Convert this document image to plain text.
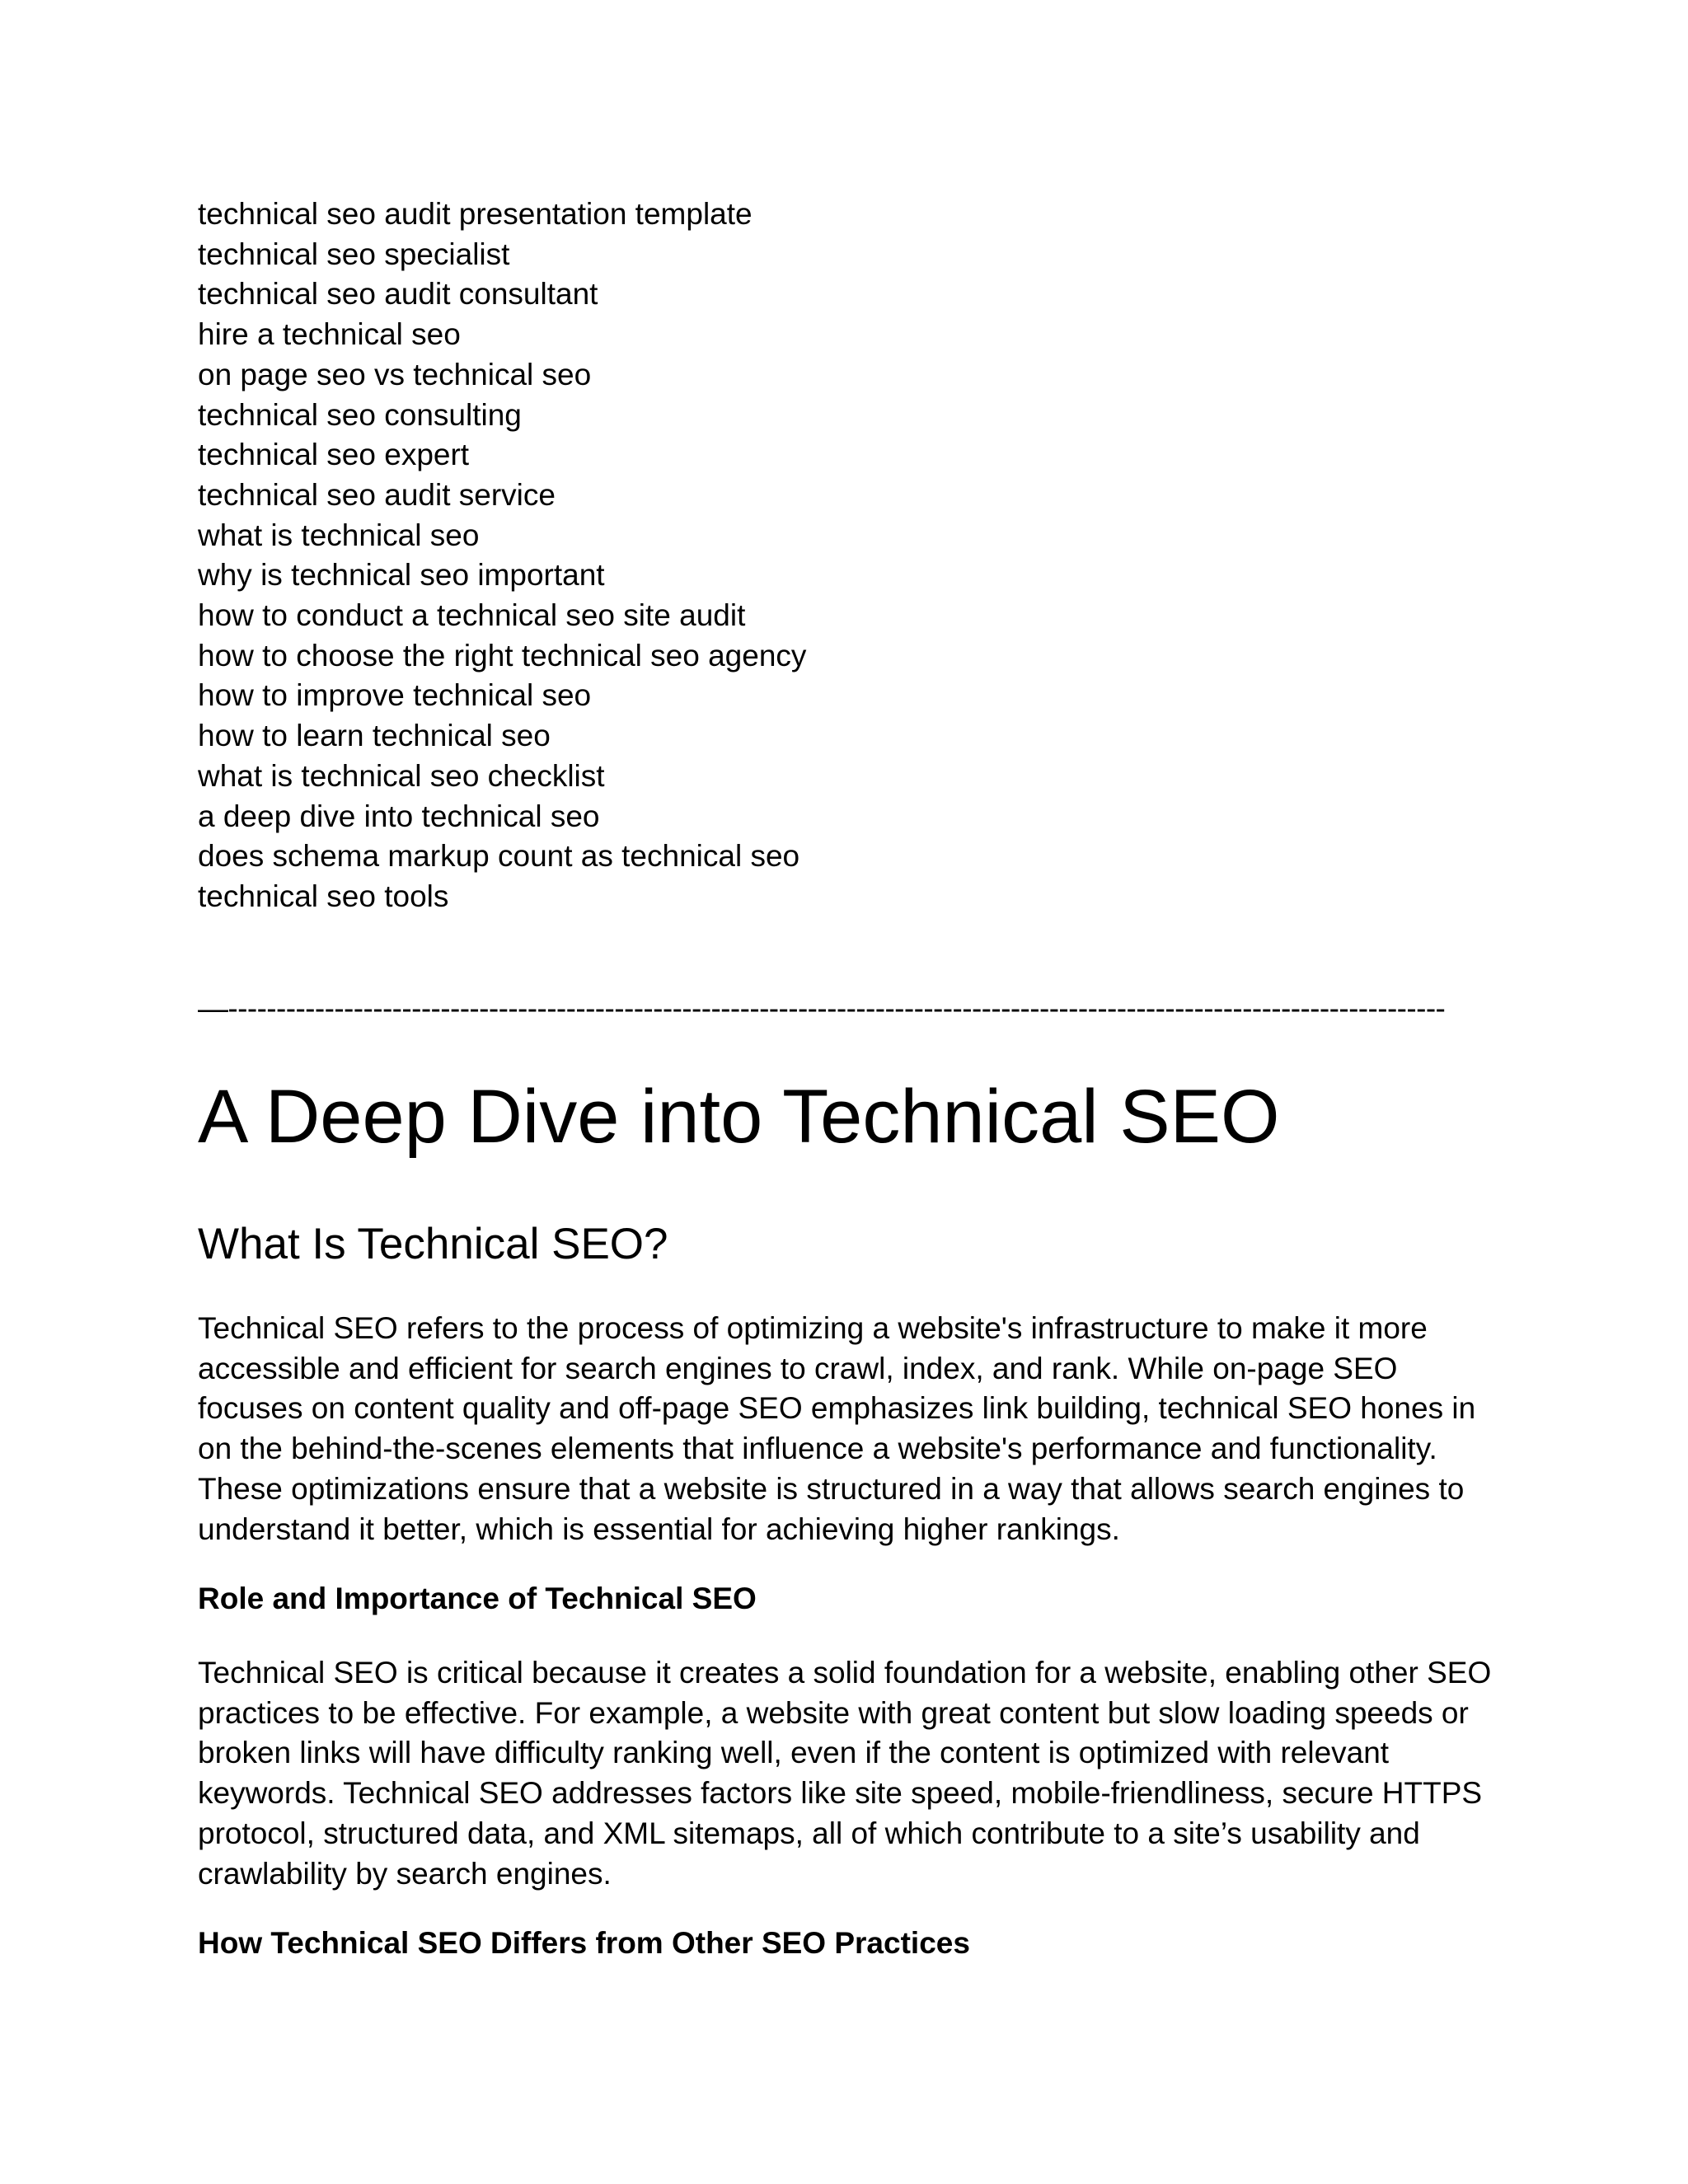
technical seo audit presentation template
technical seo specialist
technical seo audit consultant
hire a technical seo
on page seo vs technical seo
technical seo consulting
technical seo expert
technical seo audit service
what is technical seo
why is technical seo important
how to conduct a technical seo site audit
how to choose the right technical seo agency
how to improve technical seo
how to learn technical seo
what is technical seo checklist
a deep dive into technical seo
does schema markup count as technical seo
technical seo tools
—------------------------------------------------------------------------------------------------------------------------------
A Deep Dive into Technical SEO
What Is Technical SEO?

Technical SEO refers to the process of optimizing a website's infrastructure to make it more accessible and efficient for search engines to crawl, index, and rank. While on-page SEO focuses on content quality and off-page SEO emphasizes link building, technical SEO hones in on the behind-the-scenes elements that influence a website's performance and functionality. These optimizations ensure that a website is structured in a way that allows search engines to understand it better, which is essential for achieving higher rankings.

Role and Importance of Technical SEO

Technical SEO is critical because it creates a solid foundation for a website, enabling other SEO practices to be effective. For example, a website with great content but slow loading speeds or broken links will have difficulty ranking well, even if the content is optimized with relevant keywords. Technical SEO addresses factors like site speed, mobile-friendliness, secure HTTPS protocol, structured data, and XML sitemaps, all of which contribute to a site’s usability and crawlability by search engines.

How Technical SEO Differs from Other SEO Practices
